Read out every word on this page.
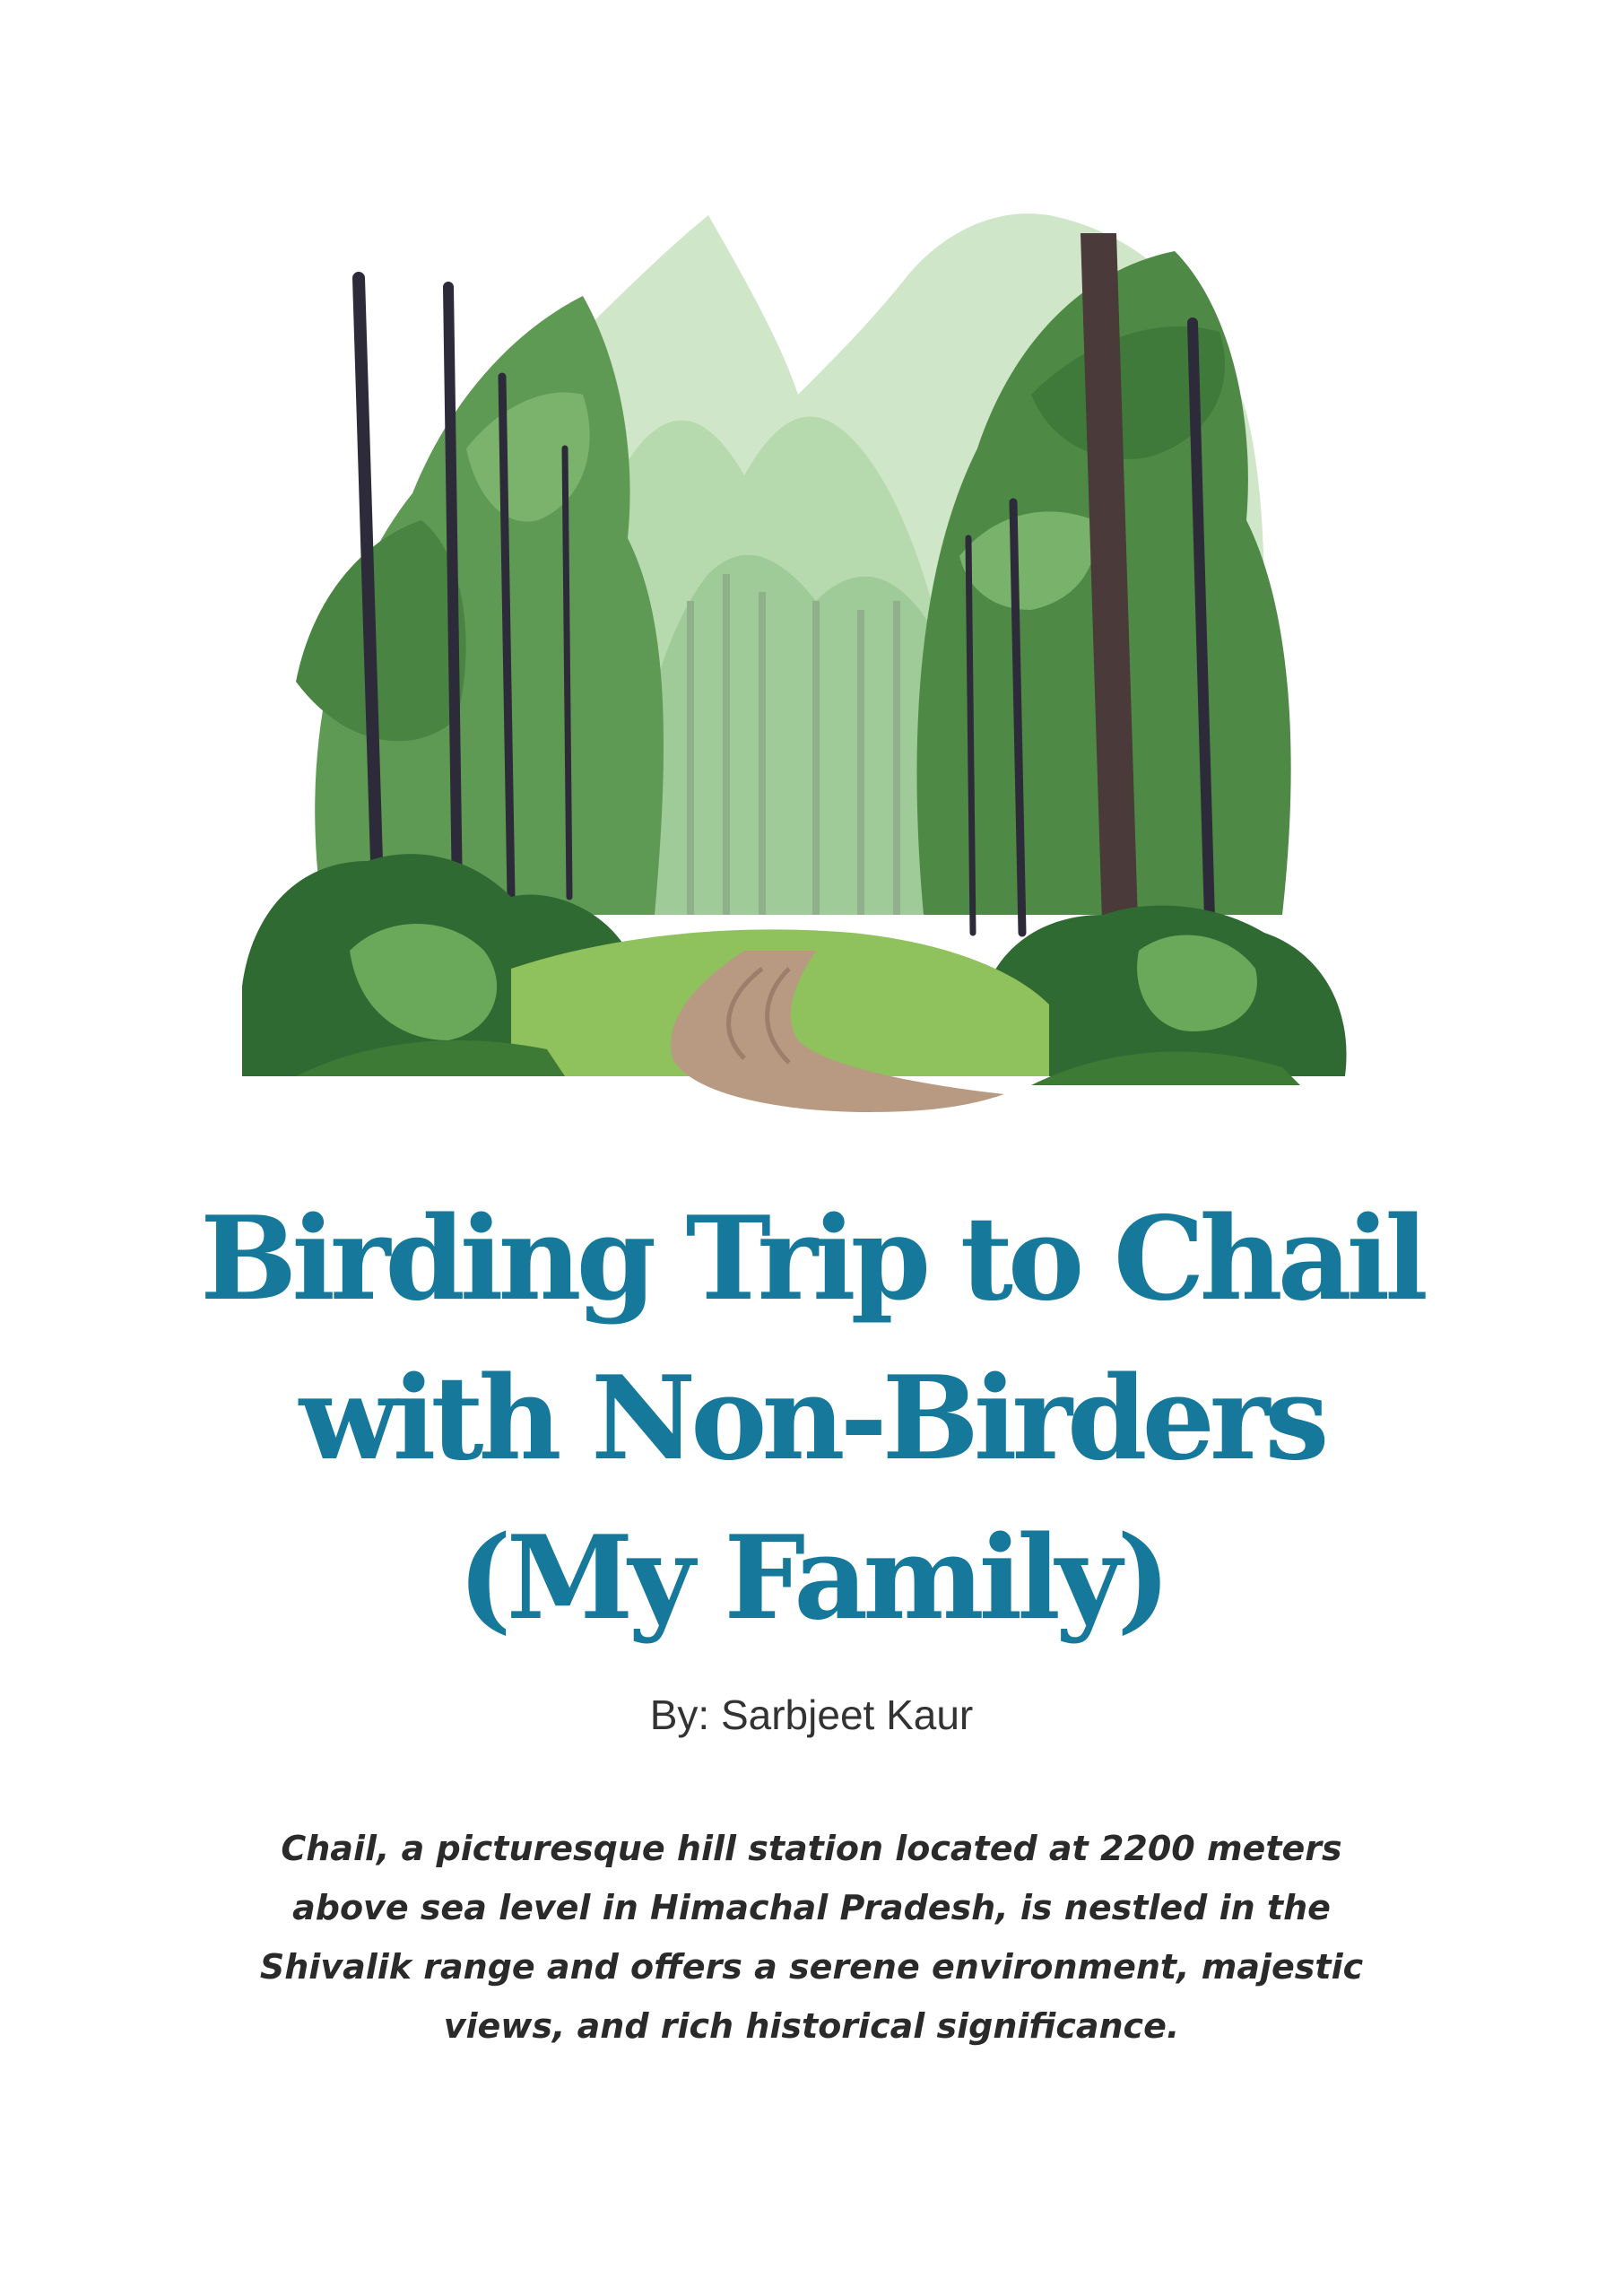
Birding Trip to Chail
with Non-Birders
(My Family)
By: Sarbjeet Kaur

Chail, a picturesque hill station located at 2200 meters
above sea level in Himachal Pradesh, is nestled in the
Shivalik range and offers a serene environment, majestic
views, and rich historical significance.
